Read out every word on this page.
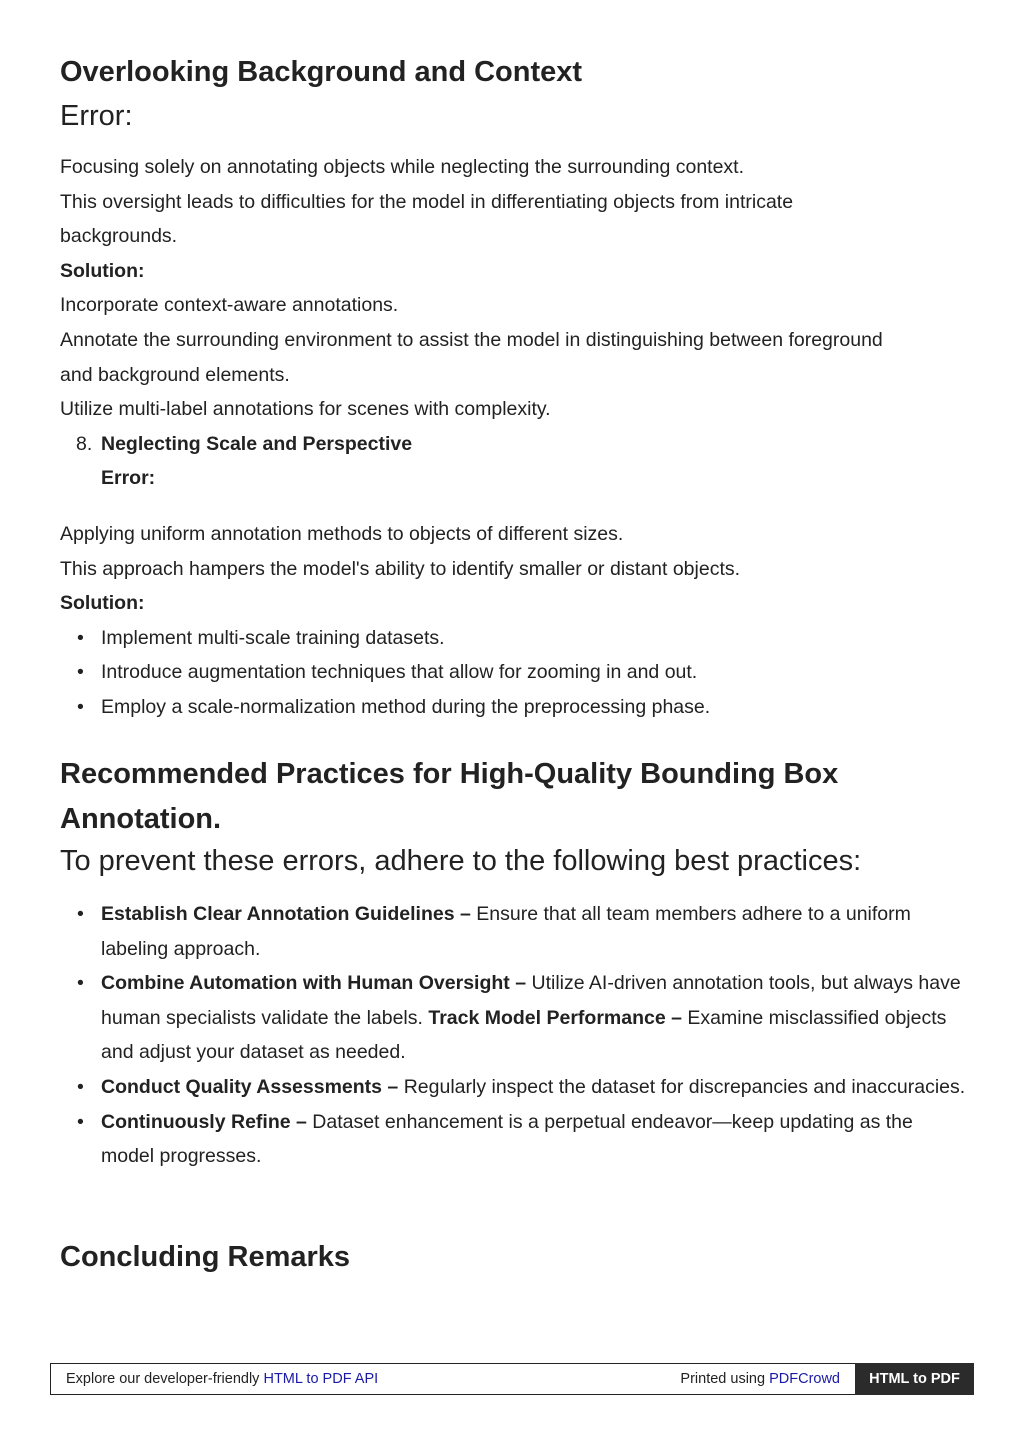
Overlooking Background and Context
Error:

Focusing solely on annotating objects while neglecting the surrounding context.

This oversight leads to difficulties for the model in differentiating objects from intricate backgrounds.

Solution:

Incorporate context-aware annotations.

Annotate the surrounding environment to assist the model in distinguishing between foreground and background elements.

Utilize multi-label annotations for scenes with complexity.

8. Neglecting Scale and Perspective
Error:

Applying uniform annotation methods to objects of different sizes.

This approach hampers the model's ability to identify smaller or distant objects.

Solution:

• Implement multi-scale training datasets.
• Introduce augmentation techniques that allow for zooming in and out.
• Employ a scale-normalization method during the preprocessing phase.
Recommended Practices for High-Quality Bounding Box Annotation.
To prevent these errors, adhere to the following best practices:
• Establish Clear Annotation Guidelines – Ensure that all team members adhere to a uniform labeling approach.
• Combine Automation with Human Oversight – Utilize AI-driven annotation tools, but always have human specialists validate the labels. Track Model Performance – Examine misclassified objects and adjust your dataset as needed.
• Conduct Quality Assessments – Regularly inspect the dataset for discrepancies and inaccuracies.
• Continuously Refine – Dataset enhancement is a perpetual endeavor—keep updating as the model progresses.
Concluding Remarks
Explore our developer-friendly HTML to PDF API	Printed using PDFCrowd	HTML to PDF
